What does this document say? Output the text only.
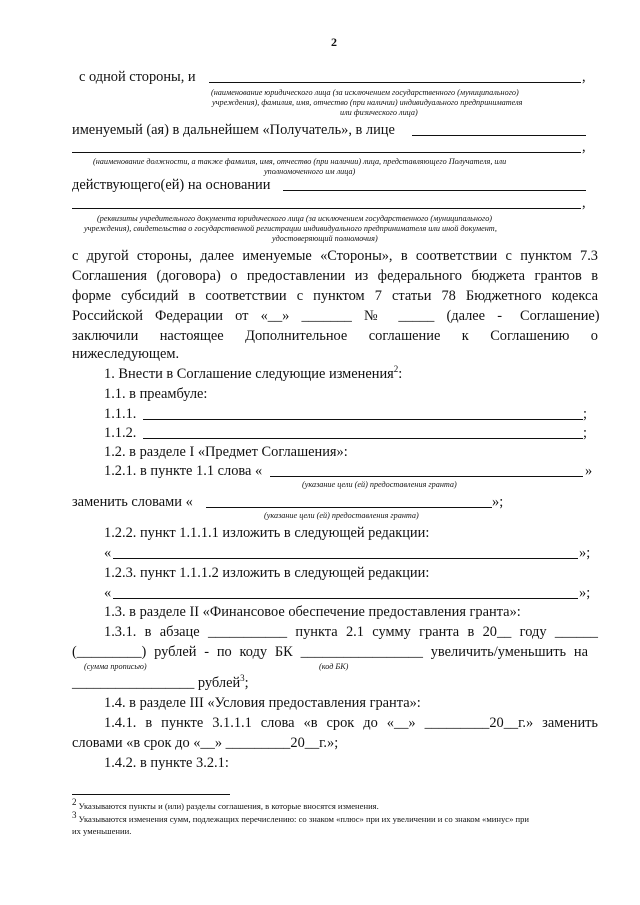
2
с одной стороны, и	,
(наименование юридического лица (за исключением государственного (муниципального)
учреждения), фамилия, имя, отчество (при наличии) индивидуального предпринимателя
или физического лица)
именуемый (ая) в дальнейшем «Получатель», в лице
,
(наименование должности, а также фамилия, имя, отчество (при наличии) лица, представляющего Получателя, или
уполномоченного им лица)
действующего(ей) на основании
,
(реквизиты учредительного документа юридического лица (за исключением государственного (муниципального)
учреждения), свидетельства о государственной регистрации индивидуального предпринимателя или иной документ,
удостоверяющий полномочия)
с другой стороны, далее именуемые «Стороны», в соответствии с пунктом 7.3
Соглашения (договора) о предоставлении из федерального бюджета грантов в
форме субсидий в соответствии с пунктом 7 статьи 78 Бюджетного кодекса
Российской Федерации от «__» _______ № _____ (далее - Соглашение)
заключили настоящее Дополнительное соглашение к Соглашению о
нижеследующем.
1. Внести в Соглашение следующие изменения$^2$:
1.1. в преамбуле:
1.1.1.	;
1.1.2.	;
1.2. в разделе I «Предмет Соглашения»:
1.2.1. в пункте 1.1 слова «	»
(указание цели (ей) предоставления гранта)
заменить словами «	»;
(указание цели (ей) предоставления гранта)
1.2.2. пункт 1.1.1.1 изложить в следующей редакции:
«	»;
1.2.3. пункт 1.1.1.2 изложить в следующей редакции:
«	»;
1.3. в разделе II «Финансовое обеспечение предоставления гранта»:
1.3.1. в абзаце ___________ пункта 2.1 сумму гранта в 20__ году ______
(_________) рублей - по коду БК _________________ увеличить/уменьшить на
(сумма прописью)	(код БК)
_________________ рублей$^3$;
1.4. в разделе III «Условия предоставления гранта»:
1.4.1. в пункте 3.1.1.1 слова «в срок до «__» _________20__г.» заменить
словами «в срок до «__» _________20__г.»;
1.4.2. в пункте 3.2.1:
$^2$ Указываются пункты и (или) разделы соглашения, в которые вносятся изменения.
$^3$ Указываются изменения сумм, подлежащих перечислению: со знаком «плюс» при их увеличении и со знаком «минус» при
их уменьшении.
